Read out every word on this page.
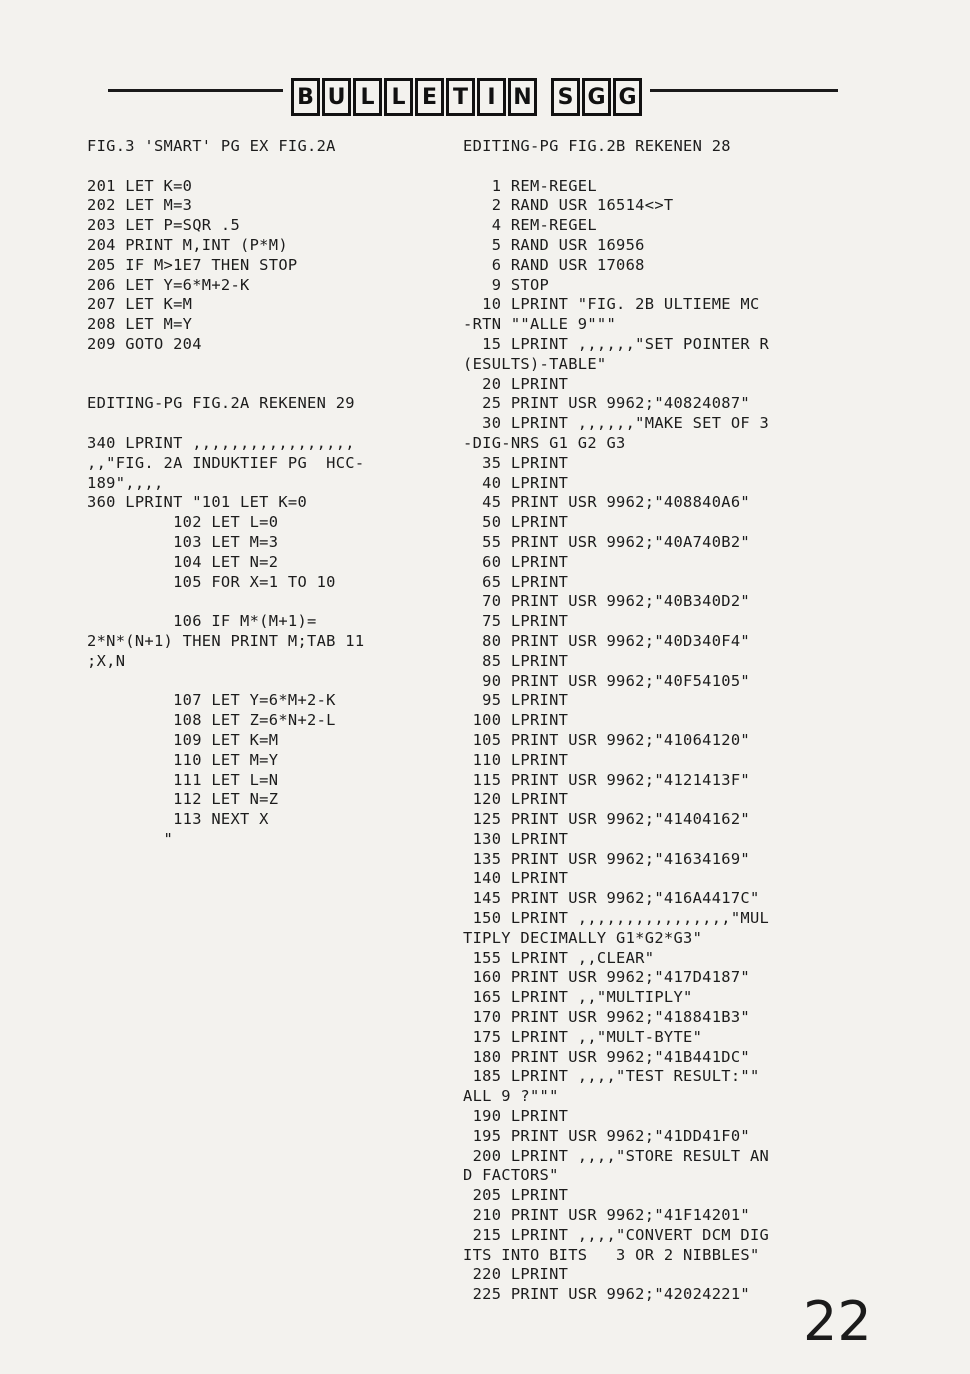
B U L L E T I N S G G
FIG.3 'SMART' PG EX FIG.2A
201 LET K=0
202 LET M=3
203 LET P=SQR .5
204 PRINT M,INT (P*M)
205 IF M>1E7 THEN STOP
206 LET Y=6*M+2-K
207 LET K=M
208 LET M=Y
209 GOTO 204
EDITING-PG FIG.2A REKENEN 29
340 LPRINT ,,,,,,,,,,,,,,,,,
,,"FIG. 2A INDUKTIEF PG  HCC-
189",,,,
360 LPRINT "101 LET K=0
102 LET L=0
103 LET M=3
104 LET N=2
105 FOR X=1 TO 10
106 IF M*(M+1)=
2*N*(N+1) THEN PRINT M;TAB 11
;X,N
107 LET Y=6*M+2-K
108 LET Z=6*N+2-L
109 LET K=M
110 LET M=Y
111 LET L=N
112 LET N=Z
113 NEXT X
"
EDITING-PG FIG.2B REKENEN 28
1 REM-REGEL
2 RAND USR 16514<>T
4 REM-REGEL
5 RAND USR 16956
6 RAND USR 17068
9 STOP
10 LPRINT "FIG. 2B ULTIEME MC
-RTN ""ALLE 9"""
15 LPRINT ,,,,,,"SET POINTER R
(ESULTS)-TABLE"
20 LPRINT
25 PRINT USR 9962;"40824087"
30 LPRINT ,,,,,,"MAKE SET OF 3
-DIG-NRS G1 G2 G3
35 LPRINT
40 LPRINT
45 PRINT USR 9962;"408840A6"
50 LPRINT
55 PRINT USR 9962;"40A740B2"
60 LPRINT
65 LPRINT
70 PRINT USR 9962;"40B340D2"
75 LPRINT
80 PRINT USR 9962;"40D340F4"
85 LPRINT
90 PRINT USR 9962;"40F54105"
95 LPRINT
100 LPRINT
105 PRINT USR 9962;"41064120"
110 LPRINT
115 PRINT USR 9962;"4121413F"
120 LPRINT
125 PRINT USR 9962;"41404162"
130 LPRINT
135 PRINT USR 9962;"41634169"
140 LPRINT
145 PRINT USR 9962;"416A4417C"
150 LPRINT ,,,,,,,,,,,,,,,,"MUL
TIPLY DECIMALLY G1*G2*G3"
155 LPRINT ,,CLEAR"
160 PRINT USR 9962;"417D4187"
165 LPRINT ,,"MULTIPLY"
170 PRINT USR 9962;"418841B3"
175 LPRINT ,,"MULT-BYTE"
180 PRINT USR 9962;"41B441DC"
185 LPRINT ,,,,"TEST RESULT:""
ALL 9 ?"""
190 LPRINT
195 PRINT USR 9962;"41DD41F0"
200 LPRINT ,,,,"STORE RESULT AN
D FACTORS"
205 LPRINT
210 PRINT USR 9962;"41F14201"
215 LPRINT ,,,,"CONVERT DCM DIG
ITS INTO BITS   3 OR 2 NIBBLES"
220 LPRINT
225 PRINT USR 9962;"42024221" 22
